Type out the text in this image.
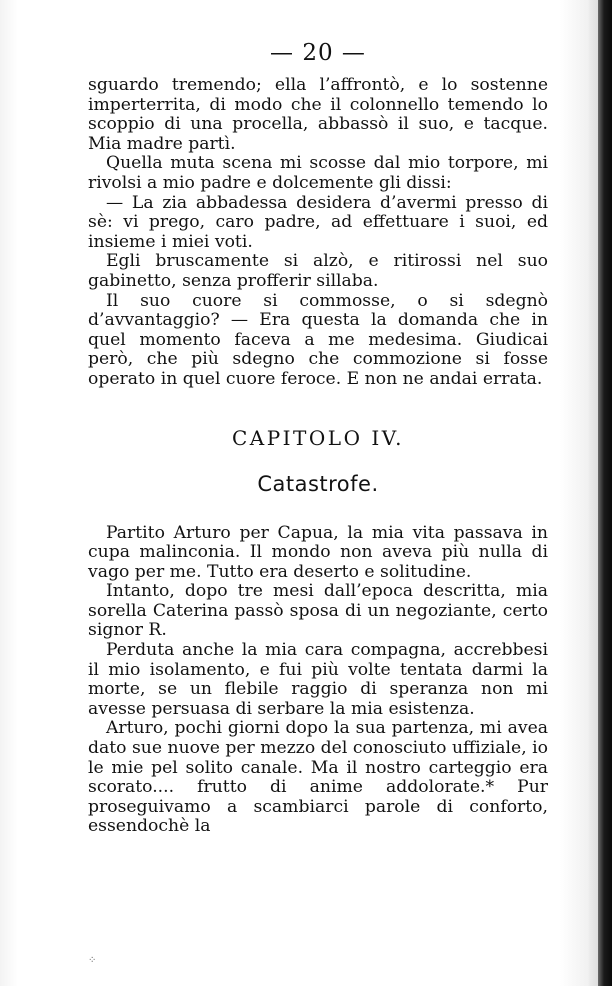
— 20 —

sguardo tremendo; ella l’affrontò, e lo sostenne imperterrita, di modo che il colonnello temendo lo scoppio di una procella, abbassò il suo, e tacque. Mia madre partì.

Quella muta scena mi scosse dal mio torpore, mi rivolsi a mio padre e dolcemente gli dissi:

— La zia abbadessa desidera d’avermi presso di sè: vi prego, caro padre, ad effettuare i suoi, ed insieme i miei voti.

Egli bruscamente si alzò, e ritirossi nel suo gabinetto, senza profferir sillaba.

Il suo cuore si commosse, o si sdegnò d’avvantaggio? — Era questa la domanda che in quel momento faceva a me medesima. Giudicai però, che più sdegno che commozione si fosse operato in quel cuore feroce. E non ne andai errata.

CAPITOLO IV.
Catastrofe.

Partito Arturo per Capua, la mia vita passava in cupa malinconia. Il mondo non aveva più nulla di vago per me. Tutto era deserto e solitudine.

Intanto, dopo tre mesi dall’epoca descritta, mia sorella Caterina passò sposa di un negoziante, certo signor R.

Perduta anche la mia cara compagna, accrebbesi il mio isolamento, e fui più volte tentata darmi la morte, se un flebile raggio di speranza non mi avesse persuasa di serbare la mia esistenza.

Arturo, pochi giorni dopo la sua partenza, mi avea dato sue nuove per mezzo del conosciuto uffiziale, io le mie pel solito canale. Ma il nostro carteggio era scorato.... frutto di anime addolorate.* Pur proseguivamo a scambiarci parole di conforto, essendochè la

⁘
